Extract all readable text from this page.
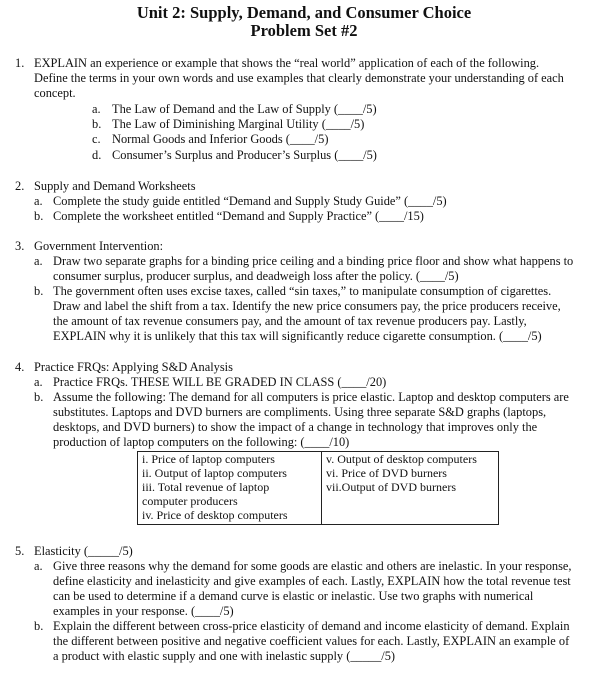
Unit 2: Supply, Demand, and Consumer Choice
Problem Set #2
1. EXPLAIN an experience or example that shows the “real world” application of each of the following.
Define the terms in your own words and use examples that clearly demonstrate your understanding of each
concept.
a. The Law of Demand and the Law of Supply (____/5)
b. The Law of Diminishing Marginal Utility (____/5)
c. Normal Goods and Inferior Goods (____/5)
d. Consumer’s Surplus and Producer’s Surplus (____/5)
2. Supply and Demand Worksheets
a. Complete the study guide entitled “Demand and Supply Study Guide” (____/5)
b. Complete the worksheet entitled “Demand and Supply Practice” (____/15)
3. Government Intervention:
a. Draw two separate graphs for a binding price ceiling and a binding price floor and show what happens to
consumer surplus, producer surplus, and deadweigh loss after the policy. (____/5)
b. The government often uses excise taxes, called “sin taxes,” to manipulate consumption of cigarettes.
Draw and label the shift from a tax. Identify the new price consumers pay, the price producers receive,
the amount of tax revenue consumers pay, and the amount of tax revenue producers pay. Lastly,
EXPLAIN why it is unlikely that this tax will significantly reduce cigarette consumption. (____/5)
4. Practice FRQs: Applying S&D Analysis
a. Practice FRQs. THESE WILL BE GRADED IN CLASS (____/20)
b. Assume the following: The demand for all computers is price elastic. Laptop and desktop computers are
substitutes. Laptops and DVD burners are compliments. Using three separate S&D graphs (laptops,
desktops, and DVD burners) to show the impact of a change in technology that improves only the
production of laptop computers on the following: (____/10)
i. Price of laptop computers
ii. Output of laptop computers
iii. Total revenue of laptop
computer producers
iv. Price of desktop computers
v. Output of desktop computers
vi. Price of DVD burners
vii.Output of DVD burners
5. Elasticity (_____/5)
a. Give three reasons why the demand for some goods are elastic and others are inelastic. In your response,
define elasticity and inelasticity and give examples of each. Lastly, EXPLAIN how the total revenue test
can be used to determine if a demand curve is elastic or inelastic. Use two graphs with numerical
examples in your response. (____/5)
b. Explain the different between cross-price elasticity of demand and income elasticity of demand. Explain
the different between positive and negative coefficient values for each. Lastly, EXPLAIN an example of
a product with elastic supply and one with inelastic supply (_____/5)
